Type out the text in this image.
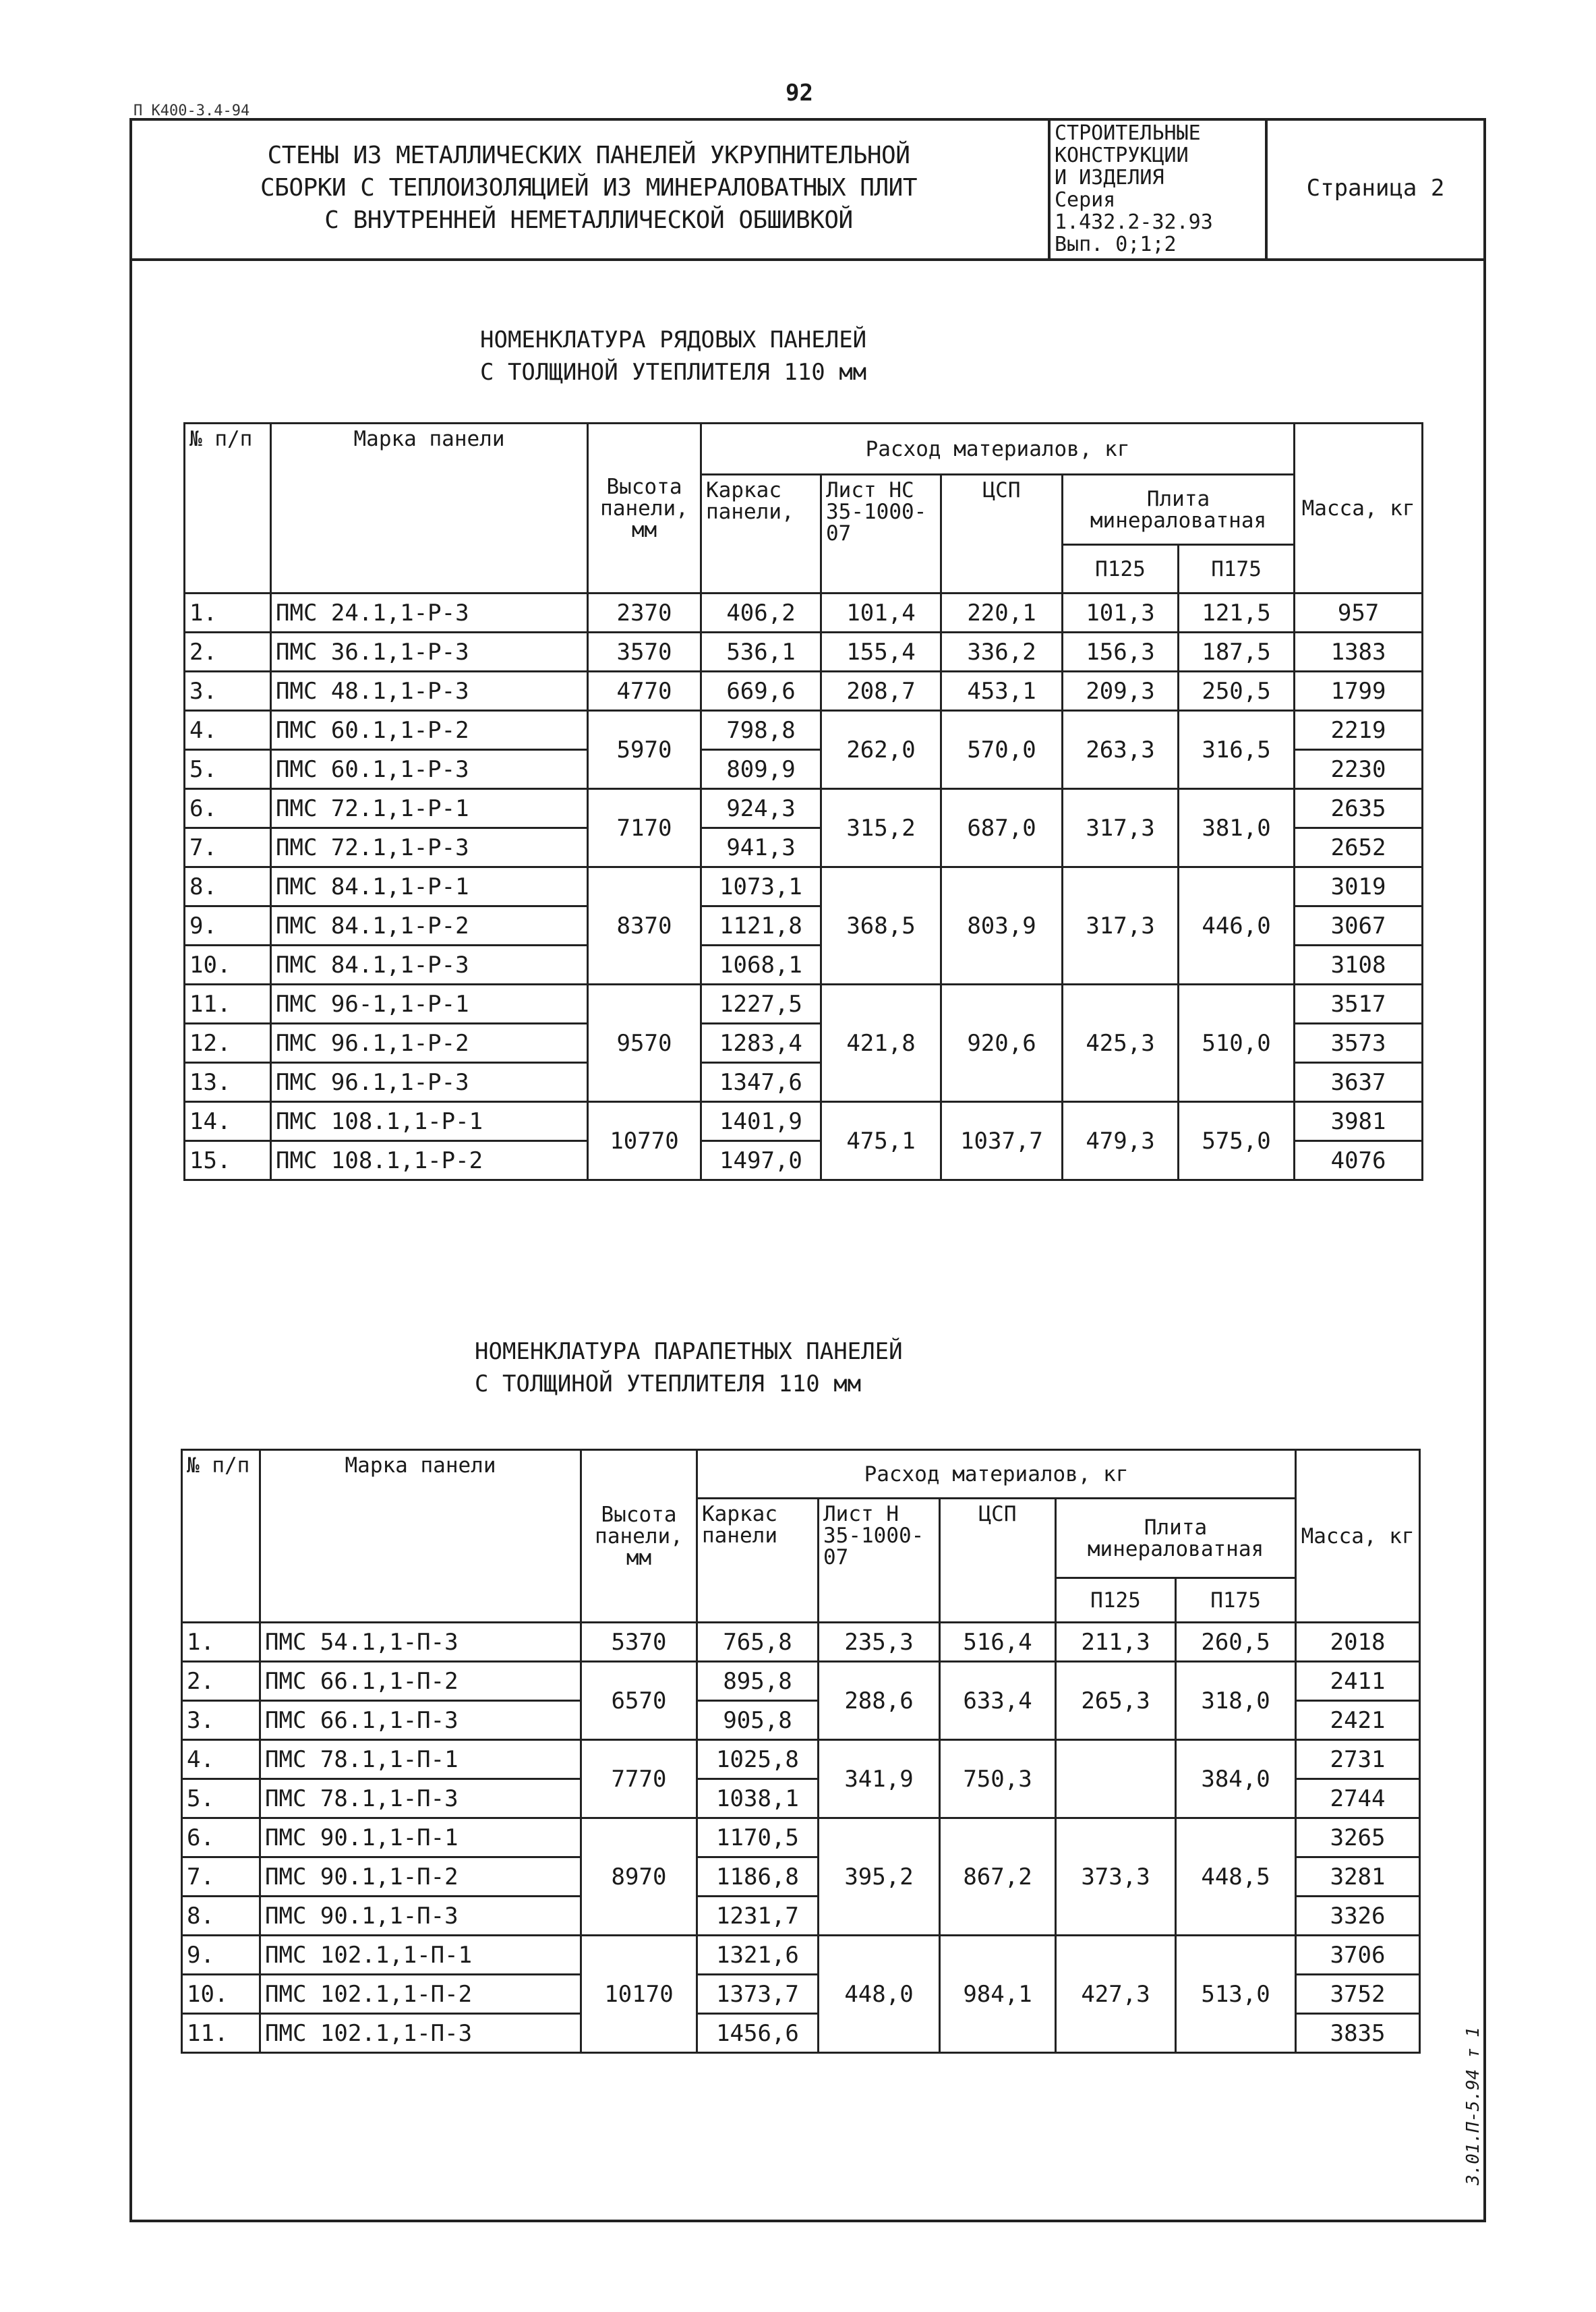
92
П К400-3.4-94
СТЕНЫ ИЗ МЕТАЛЛИЧЕСКИХ ПАНЕЛЕЙ УКРУПНИТЕЛЬНОЙ
СБОРКИ С ТЕПЛОИЗОЛЯЦИЕЙ ИЗ МИНЕРАЛОВАТНЫХ ПЛИТ
С ВНУТРЕННЕЙ НЕМЕТАЛЛИЧЕСКОЙ ОБШИВКОЙ
СТРОИТЕЛЬНЫЕ
КОНСТРУКЦИИ
И ИЗДЕЛИЯ
Серия
1.432.2-32.93
Вып. 0;1;2
Страница 2
НОМЕНКЛАТУРА РЯДОВЫХ ПАНЕЛЕЙ
С ТОЛЩИНОЙ УТЕПЛИТЕЛЯ 110 мм
№ п/п	Марка панели	Высота панели, мм	Расход материалов, кг					Масса, кг
			Каркас панели,	Лист НС 35-1000-07	ЦСП	Плита минераловатная		
						П125	П175	
1.	ПМС 24.1,1-Р-3	2370	406,2	101,4	220,1	101,3	121,5	957
2.	ПМС 36.1,1-Р-3	3570	536,1	155,4	336,2	156,3	187,5	1383
3.	ПМС 48.1,1-Р-3	4770	669,6	208,7	453,1	209,3	250,5	1799
4.	ПМС 60.1,1-Р-2	5970	798,8	262,0	570,0	263,3	316,5	2219
5.	ПМС 60.1,1-Р-3		809,9					2230
6.	ПМС 72.1,1-Р-1	7170	924,3	315,2	687,0	317,3	381,0	2635
7.	ПМС 72.1,1-Р-3		941,3					2652
8.	ПМС 84.1,1-Р-1	8370	1073,1	368,5	803,9	317,3	446,0	3019
9.	ПМС 84.1,1-Р-2		1121,8					3067
10.	ПМС 84.1,1-Р-3		1068,1					3108
11.	ПМС 96-1,1-Р-1	9570	1227,5	421,8	920,6	425,3	510,0	3517
12.	ПМС 96.1,1-Р-2		1283,4					3573
13.	ПМС 96.1,1-Р-3		1347,6					3637
14.	ПМС 108.1,1-Р-1	10770	1401,9	475,1	1037,7	479,3	575,0	3981
15.	ПМС 108.1,1-Р-2		1497,0					4076
НОМЕНКЛАТУРА ПАРАПЕТНЫХ ПАНЕЛЕЙ
С ТОЛЩИНОЙ УТЕПЛИТЕЛЯ 110 мм
№ п/п	Марка панели	Высота панели, мм	Расход материалов, кг					Масса, кг
			Каркас панели	Лист Н 35-1000-07	ЦСП	Плита минераловатная		
						П125	П175	
1.	ПМС 54.1,1-П-3	5370	765,8	235,3	516,4	211,3	260,5	2018
2.	ПМС 66.1,1-П-2	6570	895,8	288,6	633,4	265,3	318,0	2411
3.	ПМС 66.1,1-П-3		905,8					2421
4.	ПМС 78.1,1-П-1	7770	1025,8	341,9	750,3		384,0	2731
5.	ПМС 78.1,1-П-3		1038,1					2744
6.	ПМС 90.1,1-П-1	8970	1170,5	395,2	867,2	373,3	448,5	3265
7.	ПМС 90.1,1-П-2		1186,8					3281
8.	ПМС 90.1,1-П-3		1231,7					3326
9.	ПМС 102.1,1-П-1	10170	1321,6	448,0	984,1	427,3	513,0	3706
10.	ПМС 102.1,1-П-2		1373,7					3752
11.	ПМС 102.1,1-П-3		1456,6					3835	3.01.П-5.94 т 1
